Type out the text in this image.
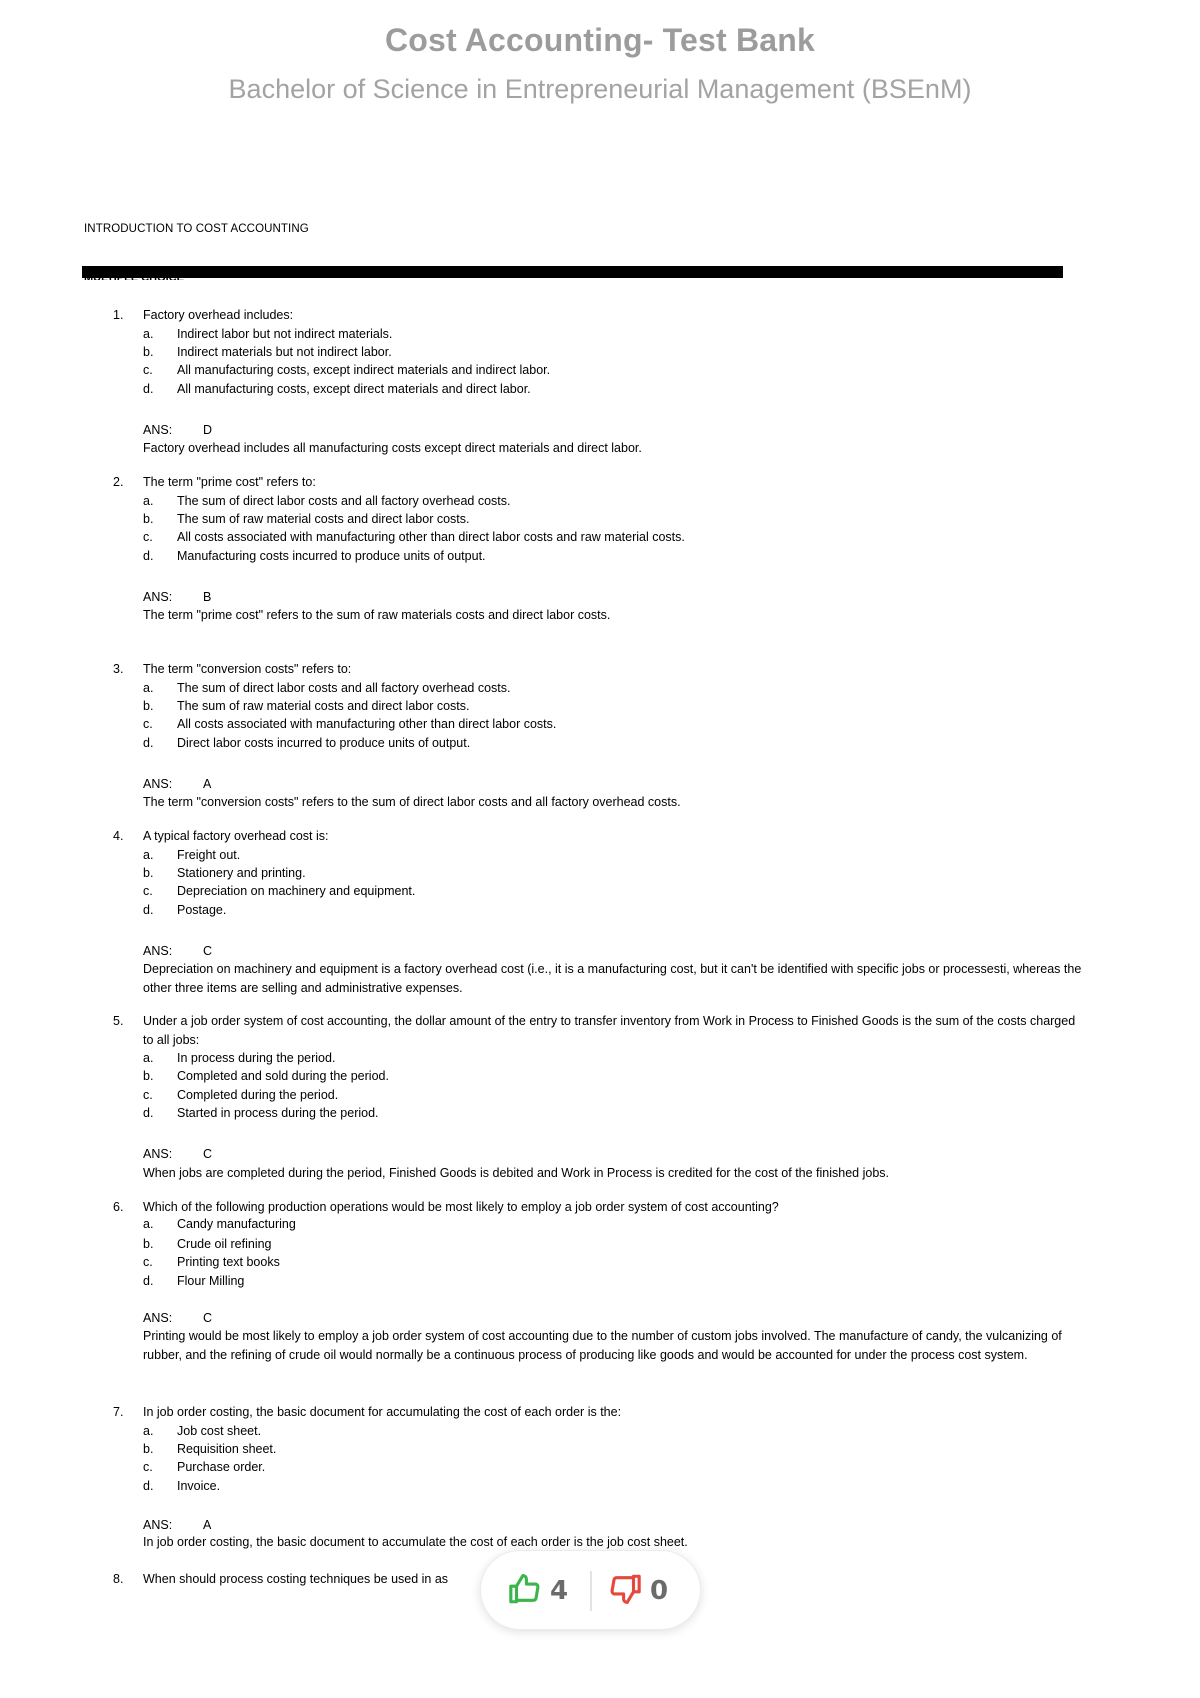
Cost Accounting- Test Bank
Bachelor of Science in Entrepreneurial Management (BSEnM)
INTRODUCTION TO COST ACCOUNTING
1. Factory overhead includes:
a. Indirect labor but not indirect materials.
b. Indirect materials but not indirect labor.
c. All manufacturing costs, except indirect materials and indirect labor.
d. All manufacturing costs, except direct materials and direct labor.
ANS: D
Factory overhead includes all manufacturing costs except direct materials and direct labor.
2. The term "prime cost" refers to:
a. The sum of direct labor costs and all factory overhead costs.
b. The sum of raw material costs and direct labor costs.
c. All costs associated with manufacturing other than direct labor costs and raw material costs.
d. Manufacturing costs incurred to produce units of output.
ANS: B
The term "prime cost" refers to the sum of raw materials costs and direct labor costs.
3. The term "conversion costs" refers to:
a. The sum of direct labor costs and all factory overhead costs.
b. The sum of raw material costs and direct labor costs.
c. All costs associated with manufacturing other than direct labor costs.
d. Direct labor costs incurred to produce units of output.
ANS: A
The term "conversion costs" refers to the sum of direct labor costs and all factory overhead costs.
4. A typical factory overhead cost is:
a. Freight out.
b. Stationery and printing.
c. Depreciation on machinery and equipment.
d. Postage.
ANS: C
Depreciation on machinery and equipment is a factory overhead cost (i.e., it is a manufacturing cost, but it can't be identified with specific jobs or processesti, whereas the other three items are selling and administrative expenses.
5. Under a job order system of cost accounting, the dollar amount of the entry to transfer inventory from Work in Process to Finished Goods is the sum of the costs charged to all jobs:
a. In process during the period.
b. Completed and sold during the period.
c. Completed during the period.
d. Started in process during the period.
ANS: C
When jobs are completed during the period, Finished Goods is debited and Work in Process is credited for the cost of the finished jobs.
6. Which of the following production operations would be most likely to employ a job order system of cost accounting?
a. Candy manufacturing
b. Crude oil refining
c. Printing text books
d. Flour Milling
ANS: C
Printing would be most likely to employ a job order system of cost accounting due to the number of custom jobs involved. The manufacture of candy, the vulcanizing of rubber, and the refining of crude oil would normally be a continuous process of producing like goods and would be accounted for under the process cost system.
7. In job order costing, the basic document for accumulating the cost of each order is the:
a. Job cost sheet.
b. Requisition sheet.
c. Purchase order.
d. Invoice.
ANS: A
In job order costing, the basic document to accumulate the cost of each order is the job cost sheet.
8. When should process costing techniques be used in as	4	0
